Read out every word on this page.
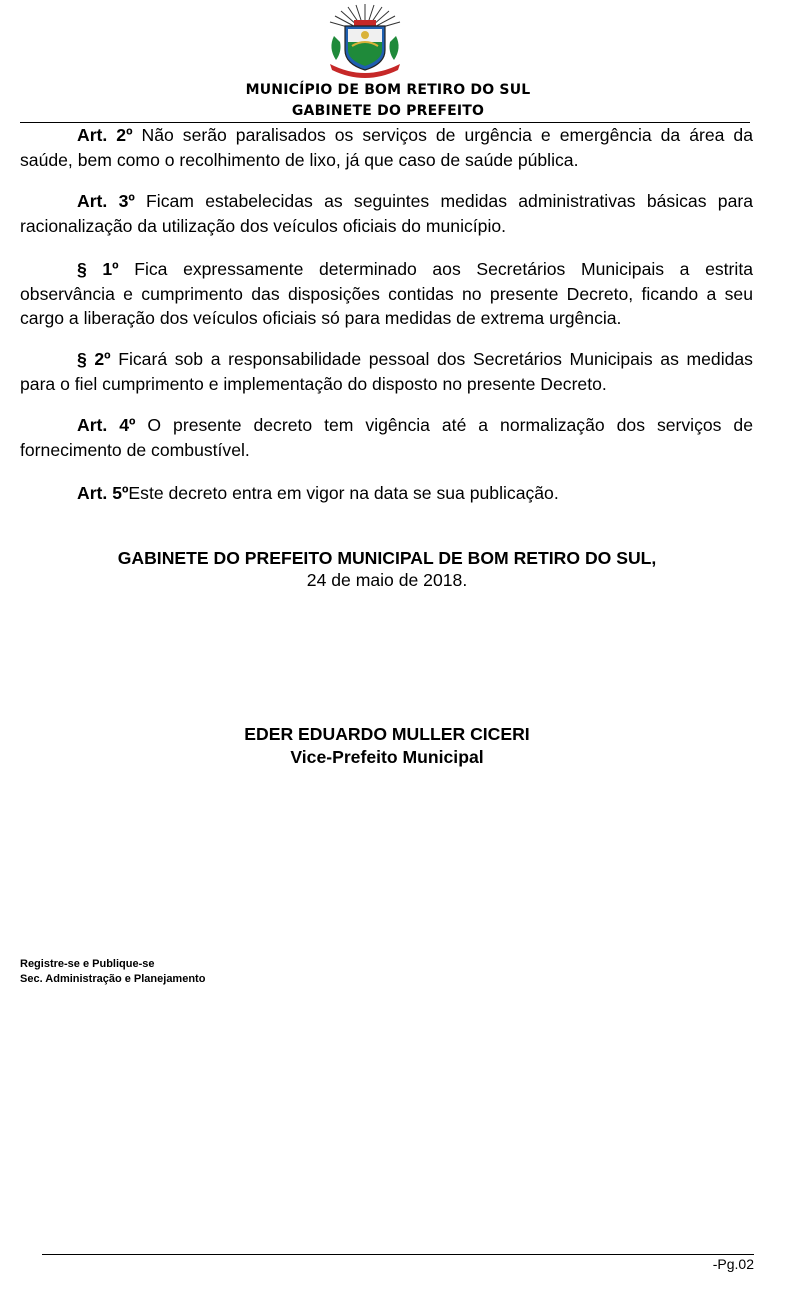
MUNICÍPIO DE BOM RETIRO DO SUL
GABINETE DO PREFEITO

Art. 2º Não serão paralisados os serviços de urgência e emergência da área da saúde, bem como o recolhimento de lixo, já que caso de saúde pública.

Art. 3º Ficam estabelecidas as seguintes medidas administrativas básicas para racionalização da utilização dos veículos oficiais do município.

§ 1º Fica expressamente determinado aos Secretários Municipais a estrita observância e cumprimento das disposições contidas no presente Decreto, ficando a seu cargo a liberação dos veículos oficiais só para medidas de extrema urgência.

§ 2º Ficará sob a responsabilidade pessoal dos Secretários Municipais as medidas para o fiel cumprimento e implementação do disposto no presente Decreto.

Art. 4º O presente decreto tem vigência até a normalização dos serviços de fornecimento de combustível.

Art. 5ºEste decreto entra em vigor na data se sua publicação.

GABINETE DO PREFEITO MUNICIPAL DE BOM RETIRO DO SUL,
24 de maio de 2018.
EDER EDUARDO MULLER CICERI
Vice-Prefeito Municipal
Registre-se e Publique-se
Sec. Administração e Planejamento
-Pg.02
